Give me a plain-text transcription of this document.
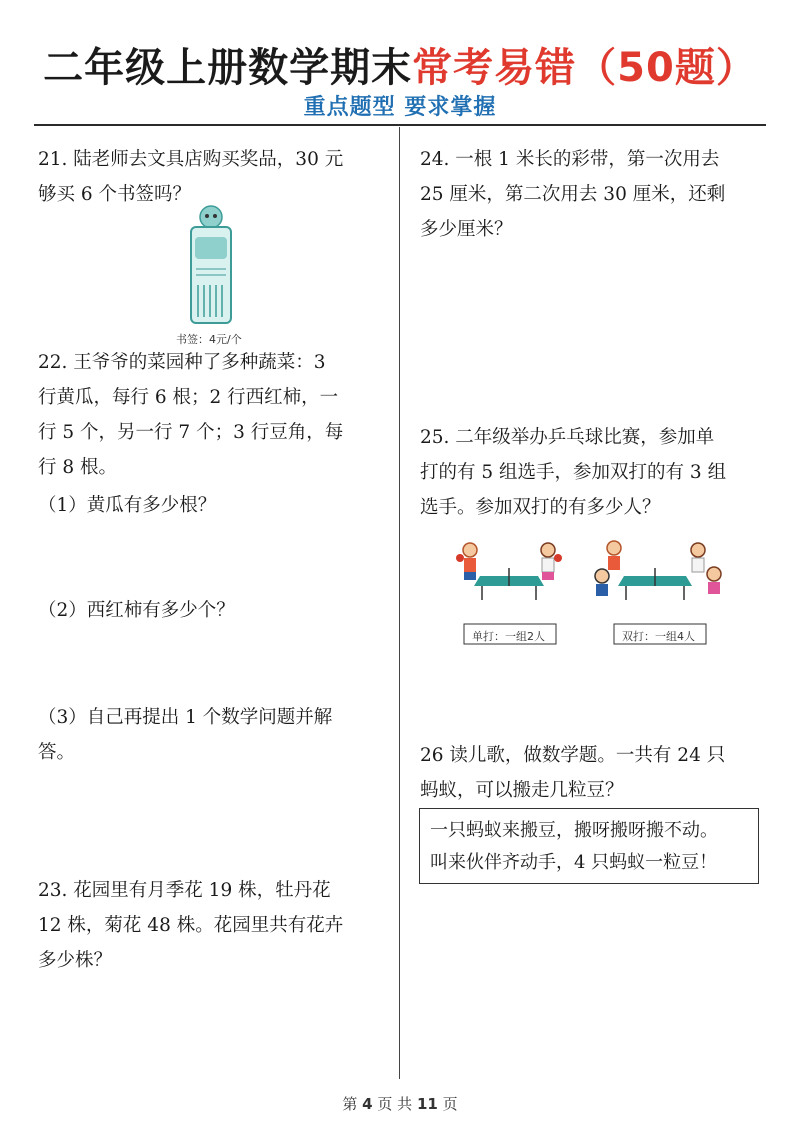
二年级上册数学期末常考易错（50题）
重点题型 要求掌握
21. 陆老师去文具店购买奖品，30 元
够买 6 个书签吗？
书签：4元/个
22. 王爷爷的菜园种了多种蔬菜：3
行黄瓜，每行 6 根；2 行西红柿，一
行 5 个，另一行 7 个；3 行豆角，每
行 8 根。
（1）黄瓜有多少根？
（2）西红柿有多少个？
（3）自己再提出 1 个数学问题并解
答。
23. 花园里有月季花 19 株，牡丹花
12 株，菊花 48 株。花园里共有花卉
多少株？
24. 一根 1 米长的彩带，第一次用去
25 厘米，第二次用去 30 厘米，还剩
多少厘米？
25. 二年级举办乒乓球比赛，参加单
打的有 5 组选手，参加双打的有 3 组
选手。参加双打的有多少人？
单打：一组2人	双打：一组4人
26 读儿歌，做数学题。一共有 24 只
蚂蚁，可以搬走几粒豆？
一只蚂蚁来搬豆，搬呀搬呀搬不动。
叫来伙伴齐动手，4 只蚂蚁一粒豆！
第 4 页 共 11 页
